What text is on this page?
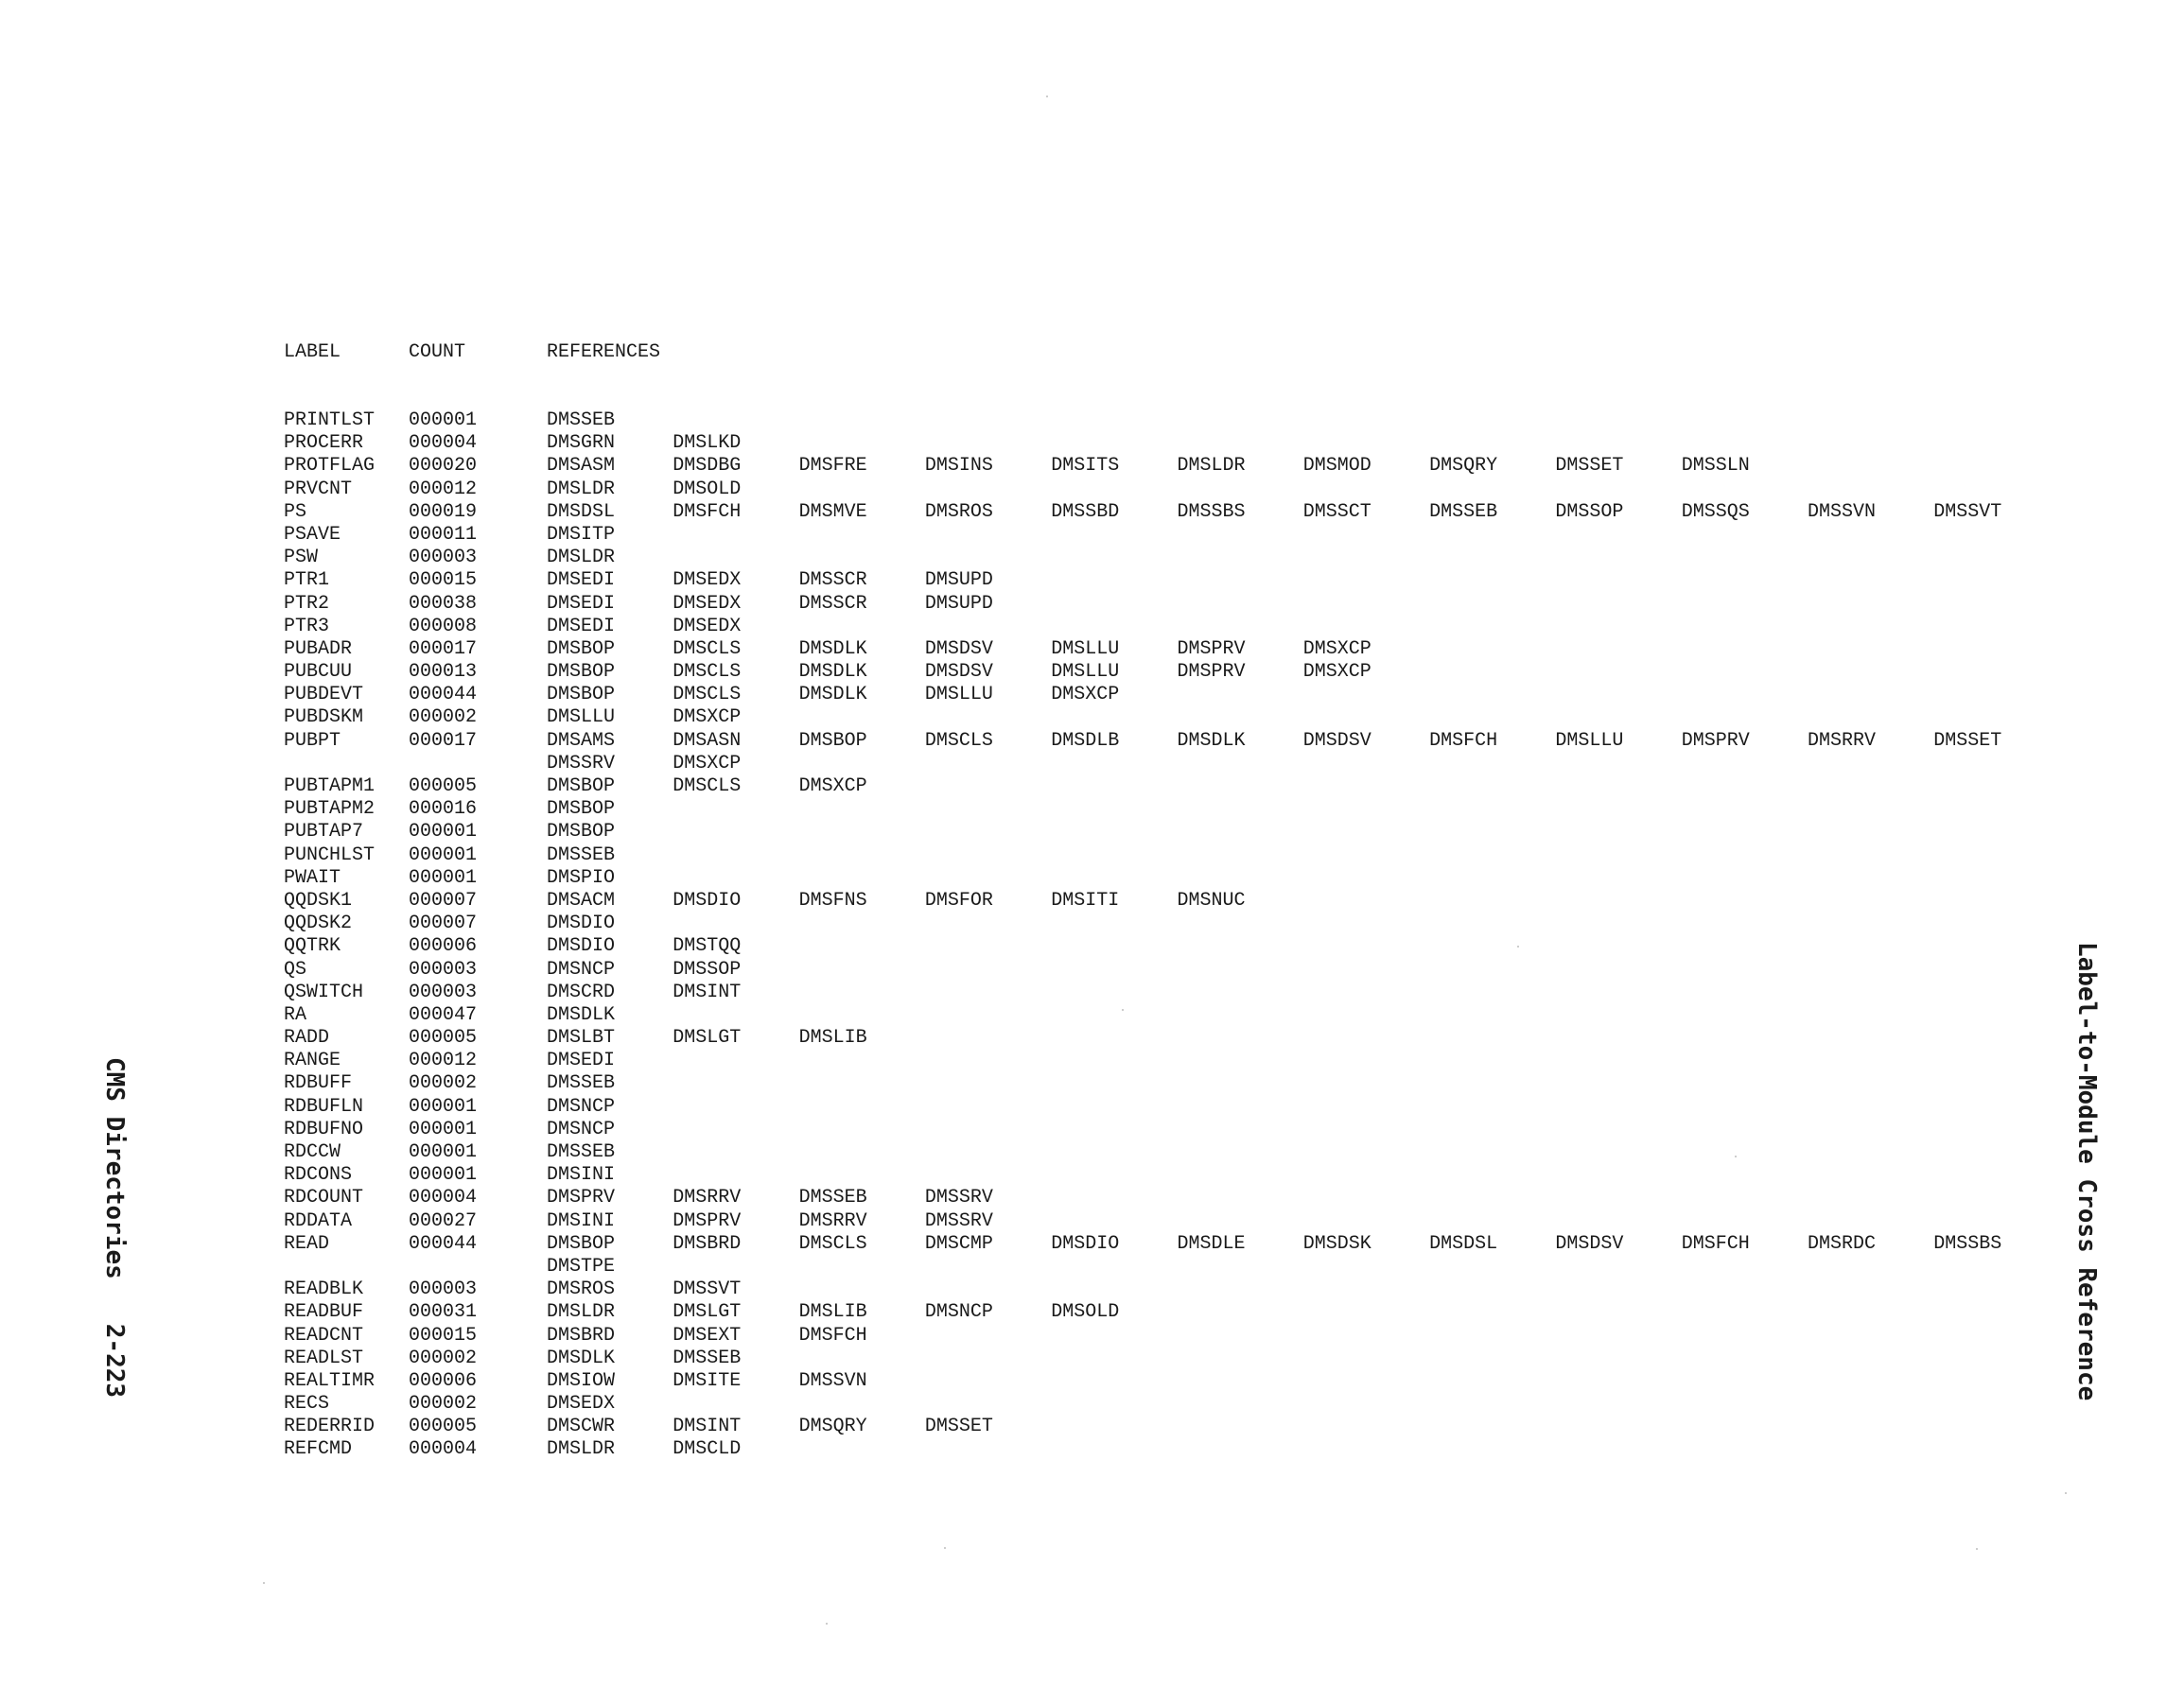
LABEL	COUNT	REFERENCES
PRINTLST 000001	DMSSEB
PROCERR 000004	DMSGRN	DMSLKD
PROTFLAG 000020	DMSASM	DMSDBG	DMSFRE	DMSINS	DMSITS	DMSLDR	DMSMOD	DMSQRY	DMSSET	DMSSLN
PRVCNT	000012	DMSLDR	DMSOLD
PS	000019	DMSDSL	DMSFCH	DMSMVE	DMSROS	DMSSBD	DMSSBS	DMSSCT	DMSSEB	DMSSOP	DMSSQS	DMSSVN	DMSSVT
PSAVE	000011	DMSITP
PSW	000003	DMSLDR
PTR1	000015	DMSEDI	DMSEDX	DMSSCR	DMSUPD
PTR2	000038	DMSEDI	DMSEDX	DMSSCR	DMSUPD
PTR3	000008	DMSEDI	DMSEDX
PUBADR	000017	DMSBOP	DMSCLS	DMSDLK	DMSDSV	DMSLLU	DMSPRV	DMSXCP
PUBCUU	000013	DMSBOP	DMSCLS	DMSDLK	DMSDSV	DMSLLU	DMSPRV	DMSXCP
PUBDEVT 000044	DMSBOP	DMSCLS	DMSDLK	DMSLLU	DMSXCP
PUBDSKM 000002	DMSLLU	DMSXCP
PUBPT	000017	DMSAMS	DMSASN	DMSBOP	DMSCLS	DMSDLB	DMSDLK	DMSDSV	DMSFCH	DMSLLU	DMSPRV	DMSRRV	DMSSET
DMSSRV	DMSXCP
PUBTAPM1 000005	DMSBOP	DMSCLS	DMSXCP
PUBTAPM2 000016	DMSBOP
PUBTAP7 000001	DMSBOP
PUNCHLST 000001	DMSSEB
PWAIT	000001	DMSPIO
QQDSK1	000007	DMSACM	DMSDIO	DMSFNS	DMSFOR	DMSITI	DMSNUC
QQDSK2	000007	DMSDIO
QQTRK	000006	DMSDIO	DMSTQQ
QS	000003	DMSNCP	DMSSOP
QSWITCH 000003	DMSCRD	DMSINT
RA	000047	DMSDLK
RADD	000005	DMSLBT	DMSLGT	DMSLIB
RANGE	000012	DMSEDI
RDBUFF	000002	DMSSEB
RDBUFLN 000001	DMSNCP
RDBUFNO 000001	DMSNCP
RDCCW	000001	DMSSEB
RDCONS	000001	DMSINI
RDCOUNT 000004	DMSPRV	DMSRRV	DMSSEB	DMSSRV
RDDATA	000027	DMSINI	DMSPRV	DMSRRV	DMSSRV
READ	000044	DMSBOP	DMSBRD	DMSCLS	DMSCMP	DMSDIO	DMSDLE	DMSDSK	DMSDSL	DMSDSV	DMSFCH	DMSRDC	DMSSBS
DMSTPE
READBLK 000003	DMSROS	DMSSVT
READBUF 000031	DMSLDR	DMSLGT	DMSLIB	DMSNCP	DMSOLD
READCNT 000015	DMSBRD	DMSEXT	DMSFCH
READLST 000002	DMSDLK	DMSSEB
REALTIMR 000006	DMSIOW	DMSITE	DMSSVN
RECS	000002	DMSEDX
REDERRID 000005	DMSCWR	DMSINT	DMSQRY	DMSSET
REFCMD	000004	DMSLDR	DMSCLD
CMS Directories   2-223	Label-to-Module Cross Reference
